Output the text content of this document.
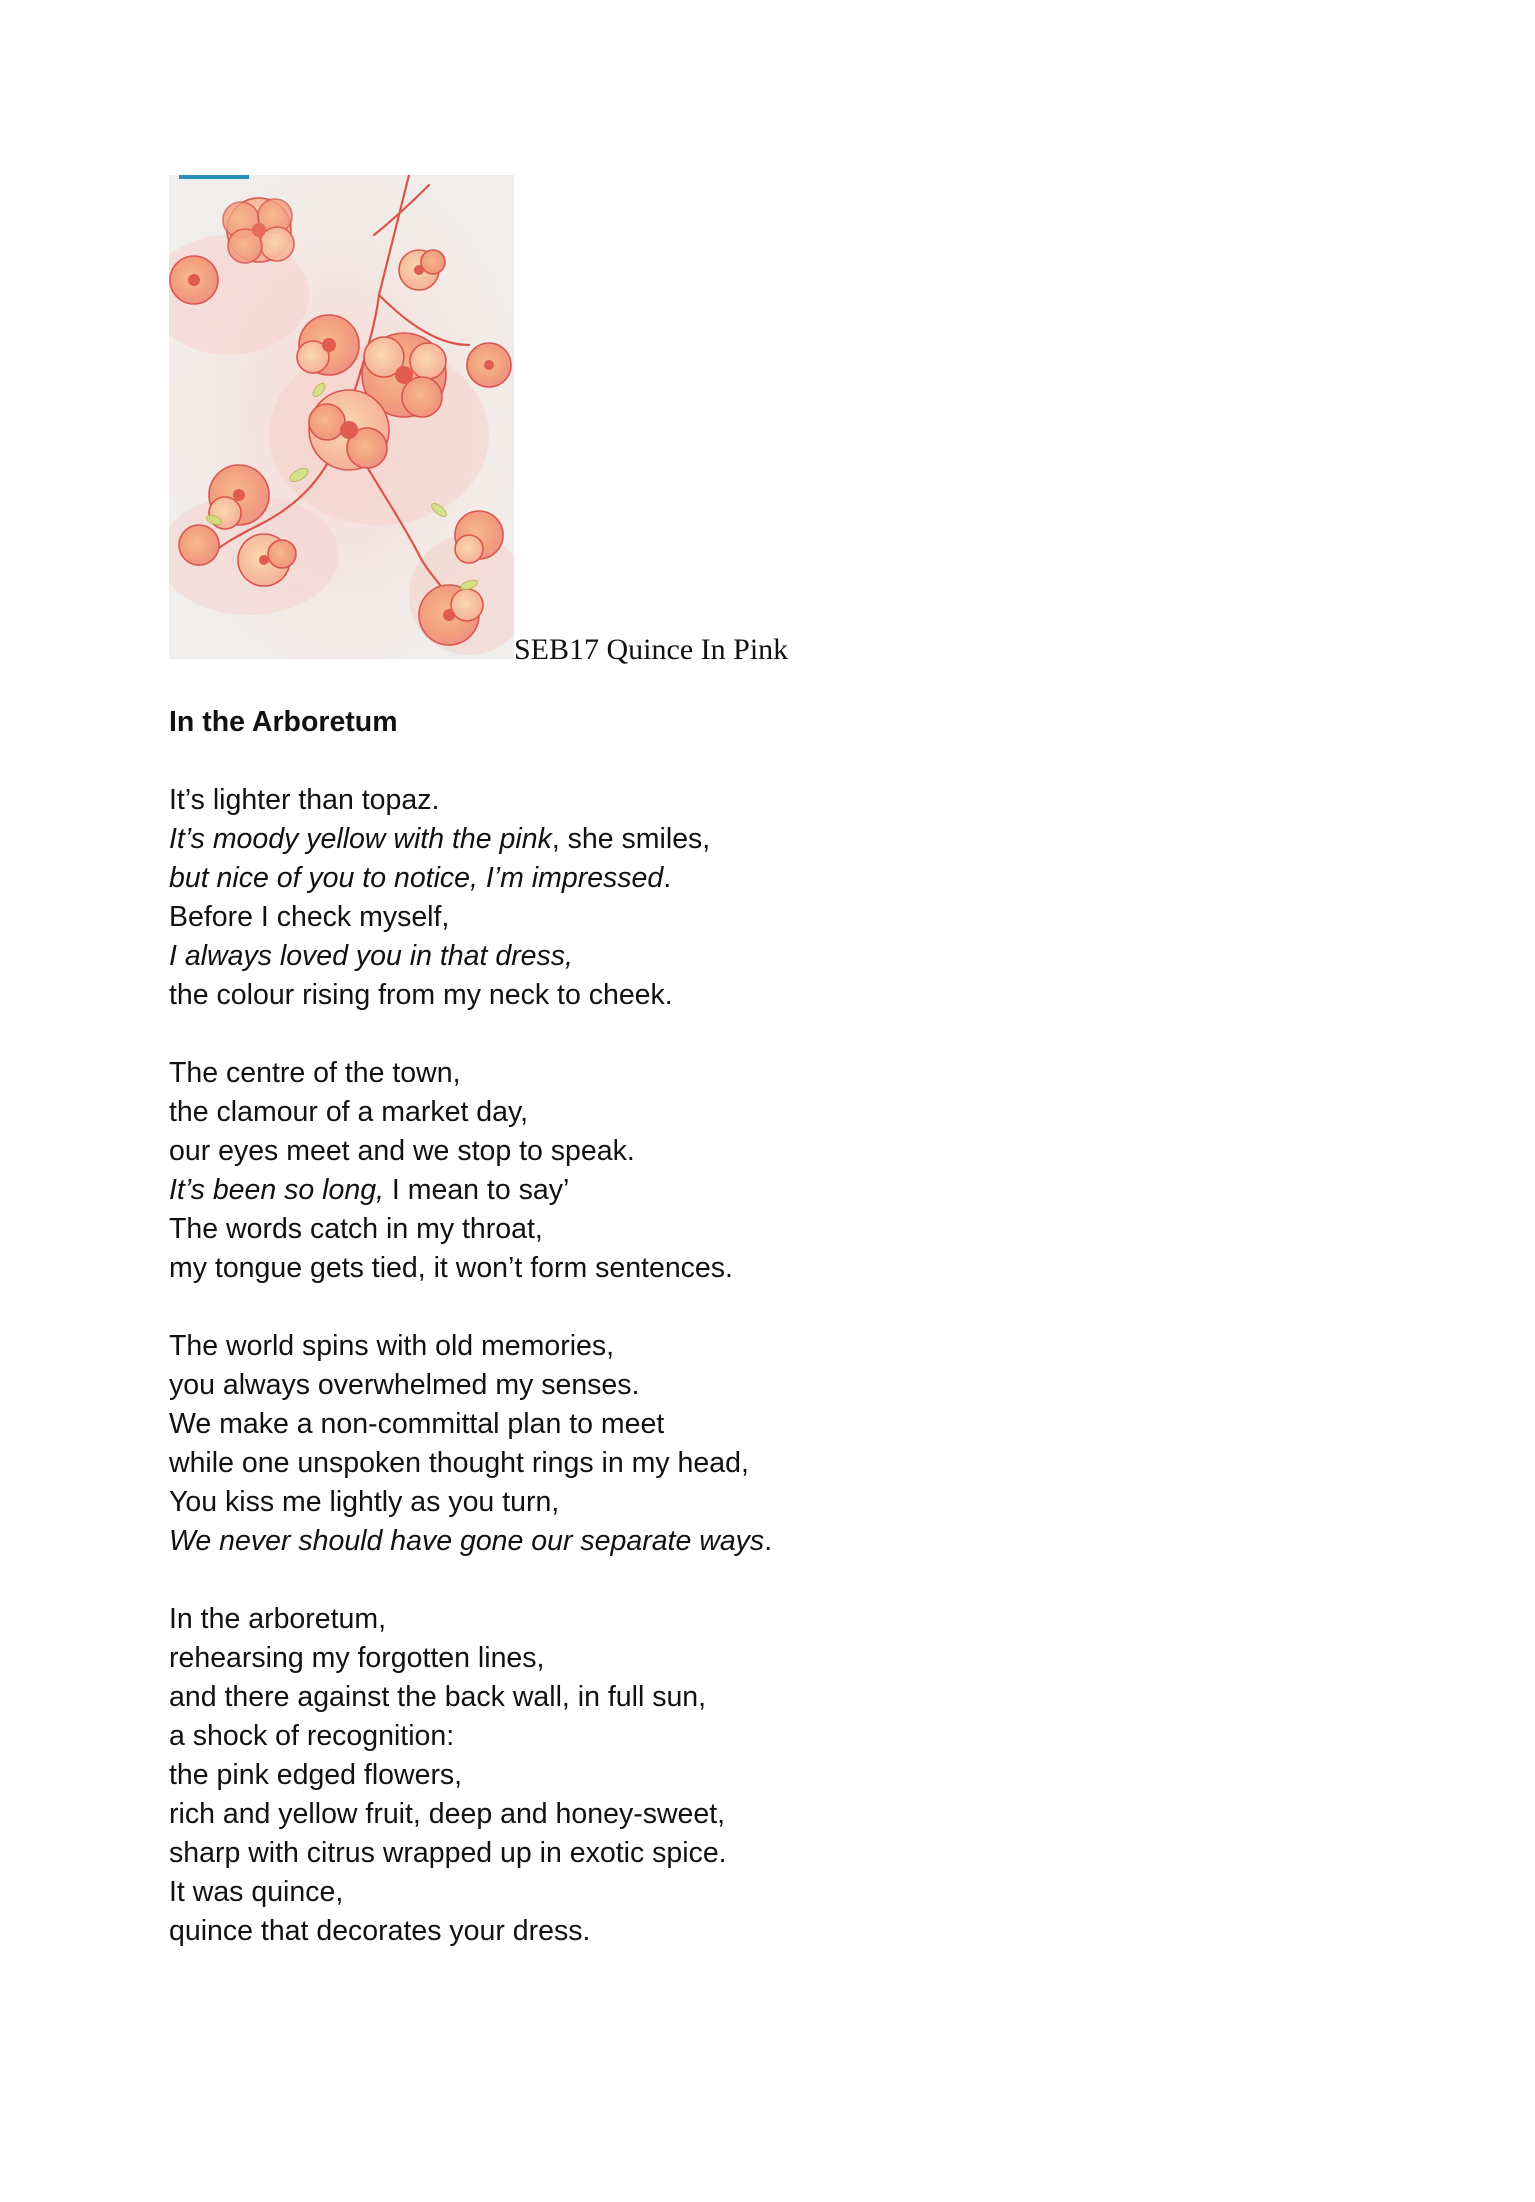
SEB17 Quince In Pink
In the Arboretum
It’s lighter than topaz.
It’s moody yellow with the pink, she smiles,
but nice of you to notice, I’m impressed.
Before I check myself,
I always loved you in that dress,
the colour rising from my neck to cheek.
The centre of the town,
the clamour of a market day,
our eyes meet and we stop to speak.
It’s been so long, I mean to say’
The words catch in my throat,
my tongue gets tied, it won’t form sentences.
The world spins with old memories,
you always overwhelmed my senses.
We make a non-committal plan to meet
while one unspoken thought rings in my head,
You kiss me lightly as you turn,
We never should have gone our separate ways.
In the arboretum,
rehearsing my forgotten lines,
and there against the back wall, in full sun,
a shock of recognition:
the pink edged flowers,
rich and yellow fruit, deep and honey-sweet,
sharp with citrus wrapped up in exotic spice.
It was quince,
quince that decorates your dress.
